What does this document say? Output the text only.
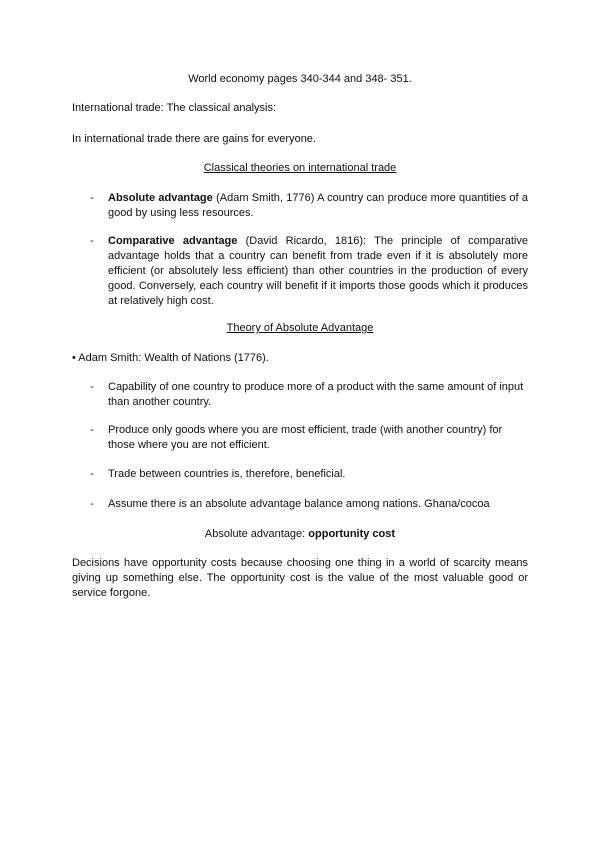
World economy pages 340-344 and 348- 351.
International trade: The classical analysis:
In international trade there are gains for everyone.
Classical theories on international trade
- Absolute advantage (Adam Smith, 1776) A country can produce more quantities of a good by using less resources.
- Comparative advantage (David Ricardo, 1816): The principle of comparative advantage holds that a country can benefit from trade even if it is absolutely more efficient (or absolutely less efficient) than other countries in the production of every good. Conversely, each country will benefit if it imports those goods which it produces at relatively high cost.
Theory of Absolute Advantage
• Adam Smith: Wealth of Nations (1776).
- Capability of one country to produce more of a product with the same amount of input than another country.
- Produce only goods where you are most efficient, trade (with another country) for those where you are not efficient.
- Trade between countries is, therefore, beneficial.
- Assume there is an absolute advantage balance among nations. Ghana/cocoa
Absolute advantage: opportunity cost
Decisions have opportunity costs because choosing one thing in a world of scarcity means giving up something else. The opportunity cost is the value of the most valuable good or service forgone.
